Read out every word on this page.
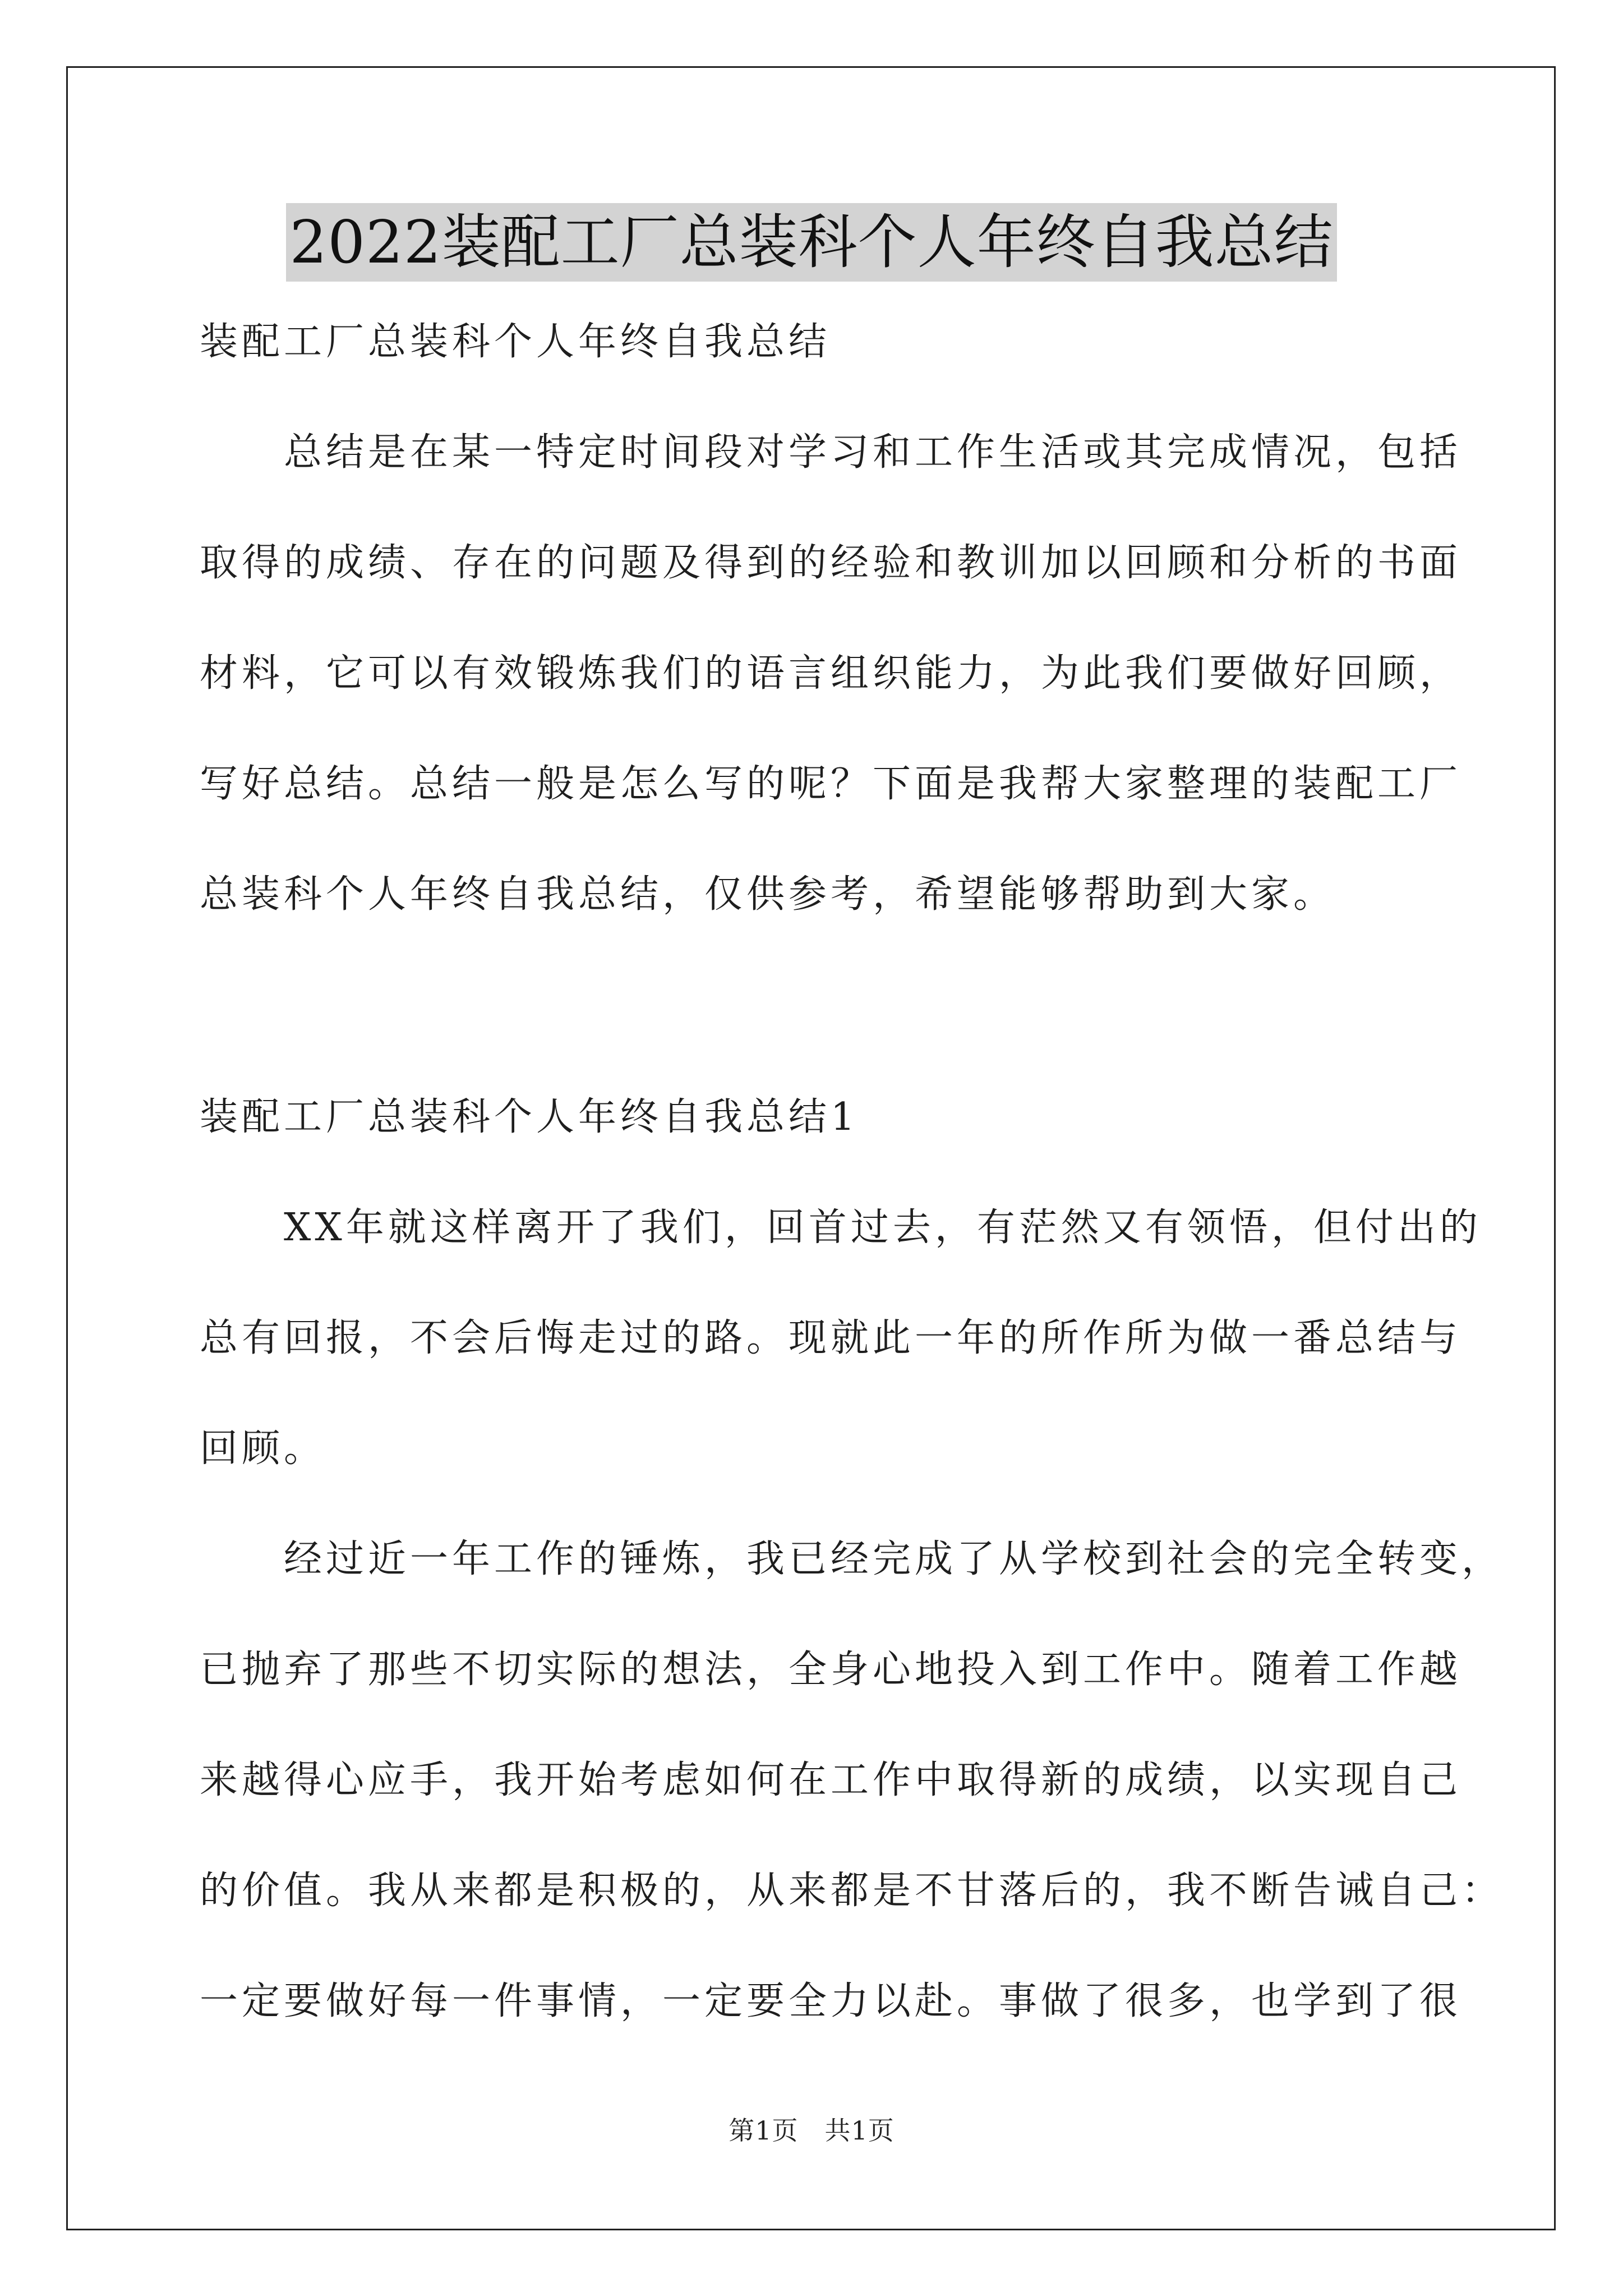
2022装配工厂总装科个人年终自我总结
装配工厂总装科个人年终自我总结
　　总结是在某一特定时间段对学习和工作生活或其完成情况，包括
取得的成绩、存在的问题及得到的经验和教训加以回顾和分析的书面
材料，它可以有效锻炼我们的语言组织能力，为此我们要做好回顾，
写好总结。总结一般是怎么写的呢？下面是我帮大家整理的装配工厂
总装科个人年终自我总结，仅供参考，希望能够帮助到大家。
装配工厂总装科个人年终自我总结1
　　XX年就这样离开了我们，回首过去，有茫然又有领悟，但付出的
总有回报，不会后悔走过的路。现就此一年的所作所为做一番总结与
回顾。
　　经过近一年工作的锤炼，我已经完成了从学校到社会的完全转变，
已抛弃了那些不切实际的想法，全身心地投入到工作中。随着工作越
来越得心应手，我开始考虑如何在工作中取得新的成绩，以实现自己
的价值。我从来都是积极的，从来都是不甘落后的，我不断告诫自己：
一定要做好每一件事情，一定要全力以赴。事做了很多，也学到了很
第1页　共1页
